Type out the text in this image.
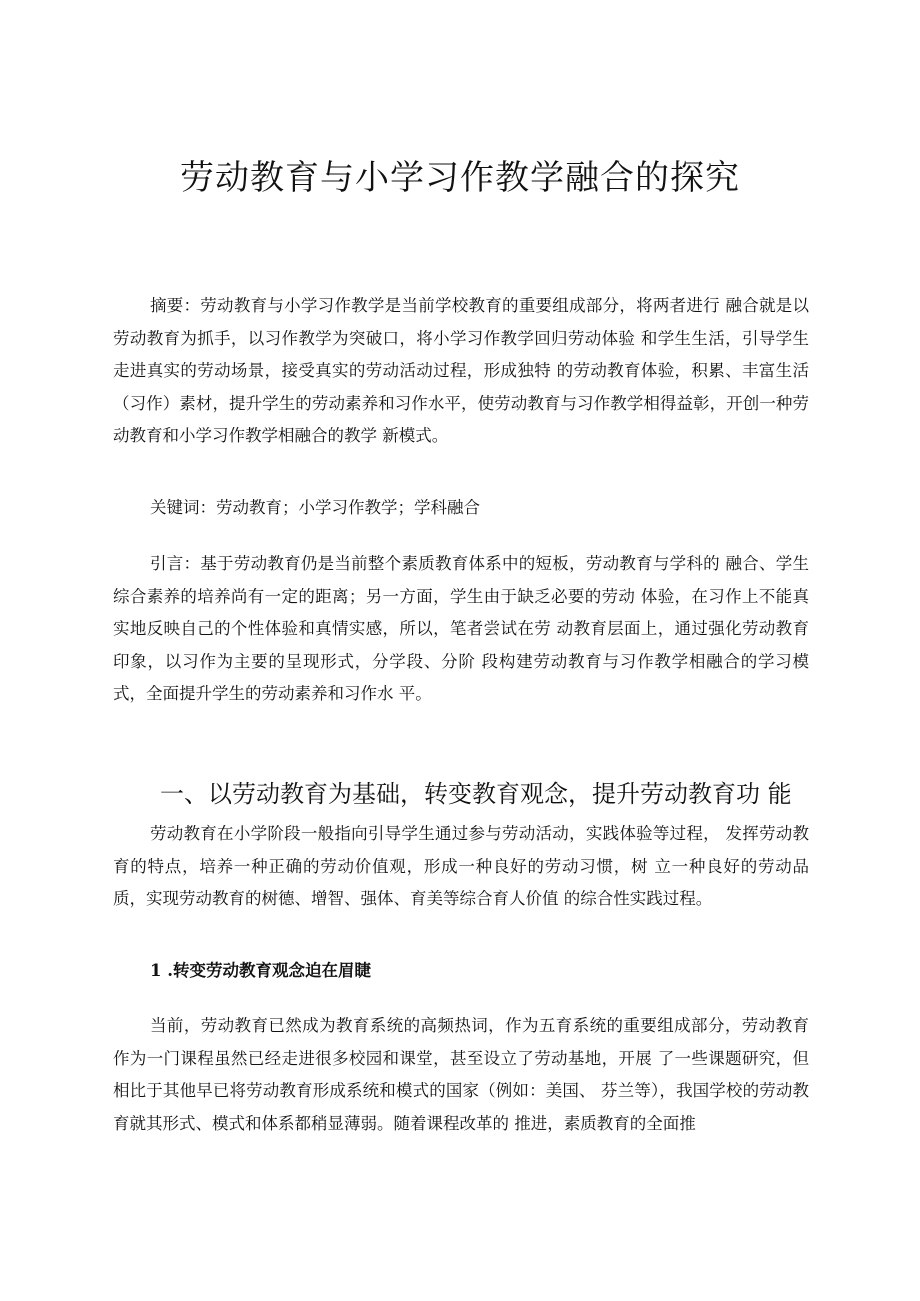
劳动教育与小学习作教学融合的探究

摘要：劳动教育与小学习作教学是当前学校教育的重要组成部分，将两者进行 融合就是以劳动教育为抓手，以习作教学为突破口，将小学习作教学回归劳动体验 和学生生活，引导学生走进真实的劳动场景，接受真实的劳动活动过程，形成独特 的劳动教育体验，积累、丰富生活（习作）素材，提升学生的劳动素养和习作水平，使劳动教育与习作教学相得益彰，开创一种劳动教育和小学习作教学相融合的教学 新模式。

关键词：劳动教育；小学习作教学；学科融合

引言：基于劳动教育仍是当前整个素质教育体系中的短板，劳动教育与学科的 融合、学生综合素养的培养尚有一定的距离；另一方面，学生由于缺乏必要的劳动 体验，在习作上不能真实地反映自己的个性体验和真情实感，所以，笔者尝试在劳 动教育层面上，通过强化劳动教育印象，以习作为主要的呈现形式，分学段、分阶 段构建劳动教育与习作教学相融合的学习模式，全面提升学生的劳动素养和习作水 平。

一、以劳动教育为基础，转变教育观念，提升劳动教育功 能

劳动教育在小学阶段一般指向引导学生通过参与劳动活动，实践体验等过程， 发挥劳动教育的特点，培养一种正确的劳动价值观，形成一种良好的劳动习惯，树 立一种良好的劳动品质，实现劳动教育的树德、增智、强体、育美等综合育人价值 的综合性实践过程。

1 .转变劳动教育观念迫在眉睫

当前，劳动教育已然成为教育系统的高频热词，作为五育系统的重要组成部分，劳动教育作为一门课程虽然已经走进很多校园和课堂，甚至设立了劳动基地，开展 了一些课题研究，但相比于其他早已将劳动教育形成系统和模式的国家（例如：美国、 芬兰等），我国学校的劳动教育就其形式、模式和体系都稍显薄弱。随着课程改革的 推进，素质教育的全面推
